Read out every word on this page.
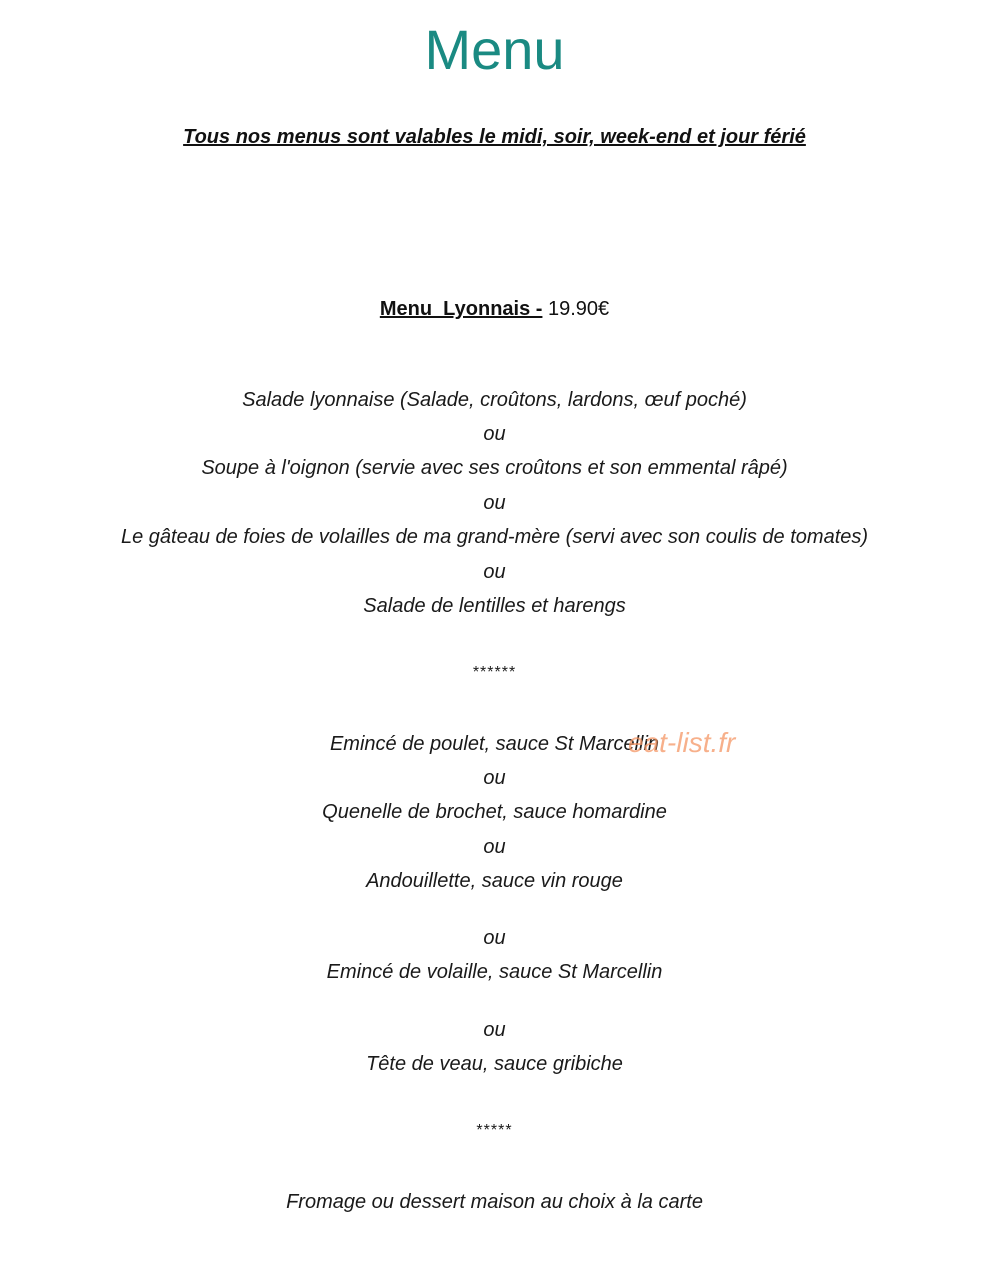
Menu
Tous nos menus sont valables le midi, soir, week-end et jour férié
Menu  Lyonnais - 19.90€
Salade lyonnaise (Salade, croûtons, lardons, œuf poché)
ou
Soupe à l'oignon (servie avec ses croûtons et son emmental râpé)
ou
Le gâteau de foies de volailles de ma grand-mère (servi avec son coulis de tomates)
ou
Salade de lentilles et harengs
******
Emincé de poulet, sauce St Marcellin
ou
Quenelle de brochet, sauce homardine
ou
Andouillette, sauce vin rouge
ou
Emincé de volaille, sauce St Marcellin
ou
Tête de veau, sauce gribiche
*****
Fromage ou dessert maison au choix à la carte
eat-list.fr
